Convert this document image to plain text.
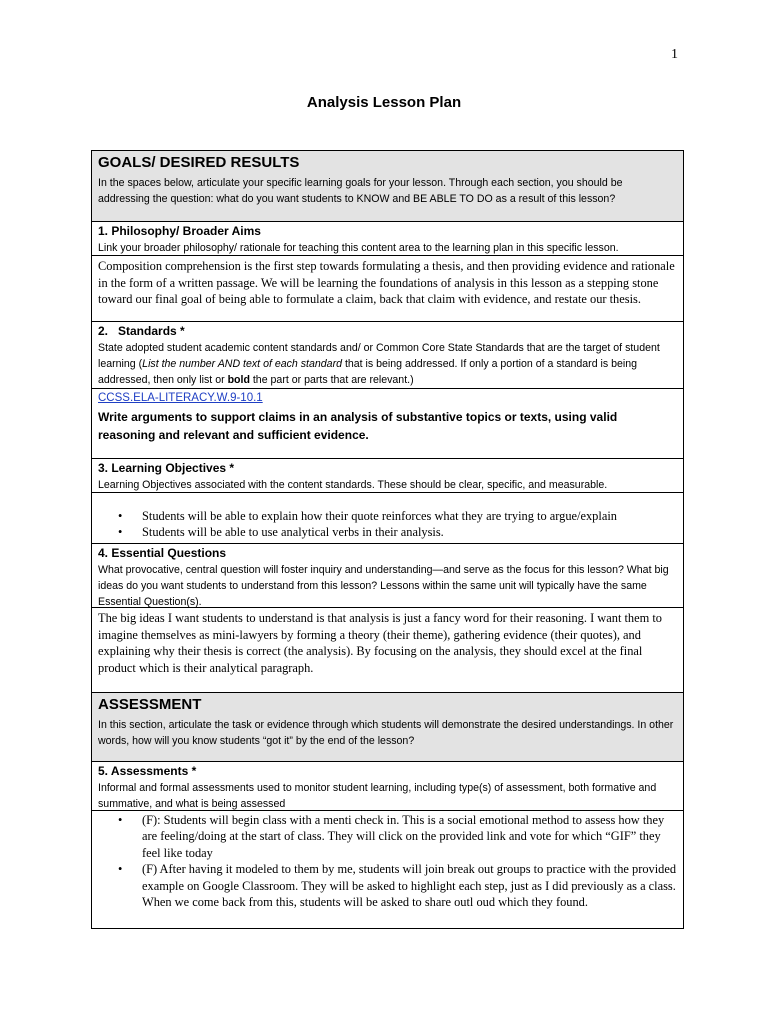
1
Analysis Lesson Plan
GOALS/ DESIRED RESULTS
In the spaces below, articulate your specific learning goals for your lesson. Through each section, you should be addressing the question: what do you want students to KNOW and BE ABLE TO DO as a result of this lesson?
1. Philosophy/ Broader Aims
Link your broader philosophy/ rationale for teaching this content area to the learning plan in this specific lesson.
Composition comprehension is the first step towards formulating a thesis, and then providing evidence and rationale in the form of a written passage. We will be learning the foundations of analysis in this lesson as a stepping stone toward our final goal of being able to formulate a claim, back that claim with evidence, and restate our thesis.
2.   Standards *
State adopted student academic content standards and/ or Common Core State Standards that are the target of student learning (List the number AND text of each standard that is being addressed. If only a portion of a standard is being addressed, then only list or bold the part or parts that are relevant.)
CCSS.ELA-LITERACY.W.9-10.1
Write arguments to support claims in an analysis of substantive topics or texts, using valid reasoning and relevant and sufficient evidence.
3. Learning Objectives *
Learning Objectives associated with the content standards. These should be clear, specific, and measurable.
• Students will be able to explain how their quote reinforces what they are trying to argue/explain
• Students will be able to use analytical verbs in their analysis.
4. Essential Questions
What provocative, central question will foster inquiry and understanding—and serve as the focus for this lesson? What big ideas do you want students to understand from this lesson? Lessons within the same unit will typically have the same Essential Question(s).
The big ideas I want students to understand is that analysis is just a fancy word for their reasoning. I want them to imagine themselves as mini-lawyers by forming a theory (their theme), gathering evidence (their quotes), and explaining why their thesis is correct (the analysis). By focusing on the analysis, they should excel at the final product which is their analytical paragraph.
ASSESSMENT
In this section, articulate the task or evidence through which students will demonstrate the desired understandings. In other words, how will you know students “got it” by the end of the lesson?
5. Assessments *
Informal and formal assessments used to monitor student learning, including type(s) of assessment, both formative and summative, and what is being assessed
• (F): Students will begin class with a menti check in. This is a social emotional method to assess how they are feeling/doing at the start of class. They will click on the provided link and vote for which “GIF” they feel like today
• (F) After having it modeled to them by me, students will join break out groups to practice with the provided example on Google Classroom. They will be asked to highlight each step, just as I did previously as a class. When we come back from this, students will be asked to share outl oud which they found.
